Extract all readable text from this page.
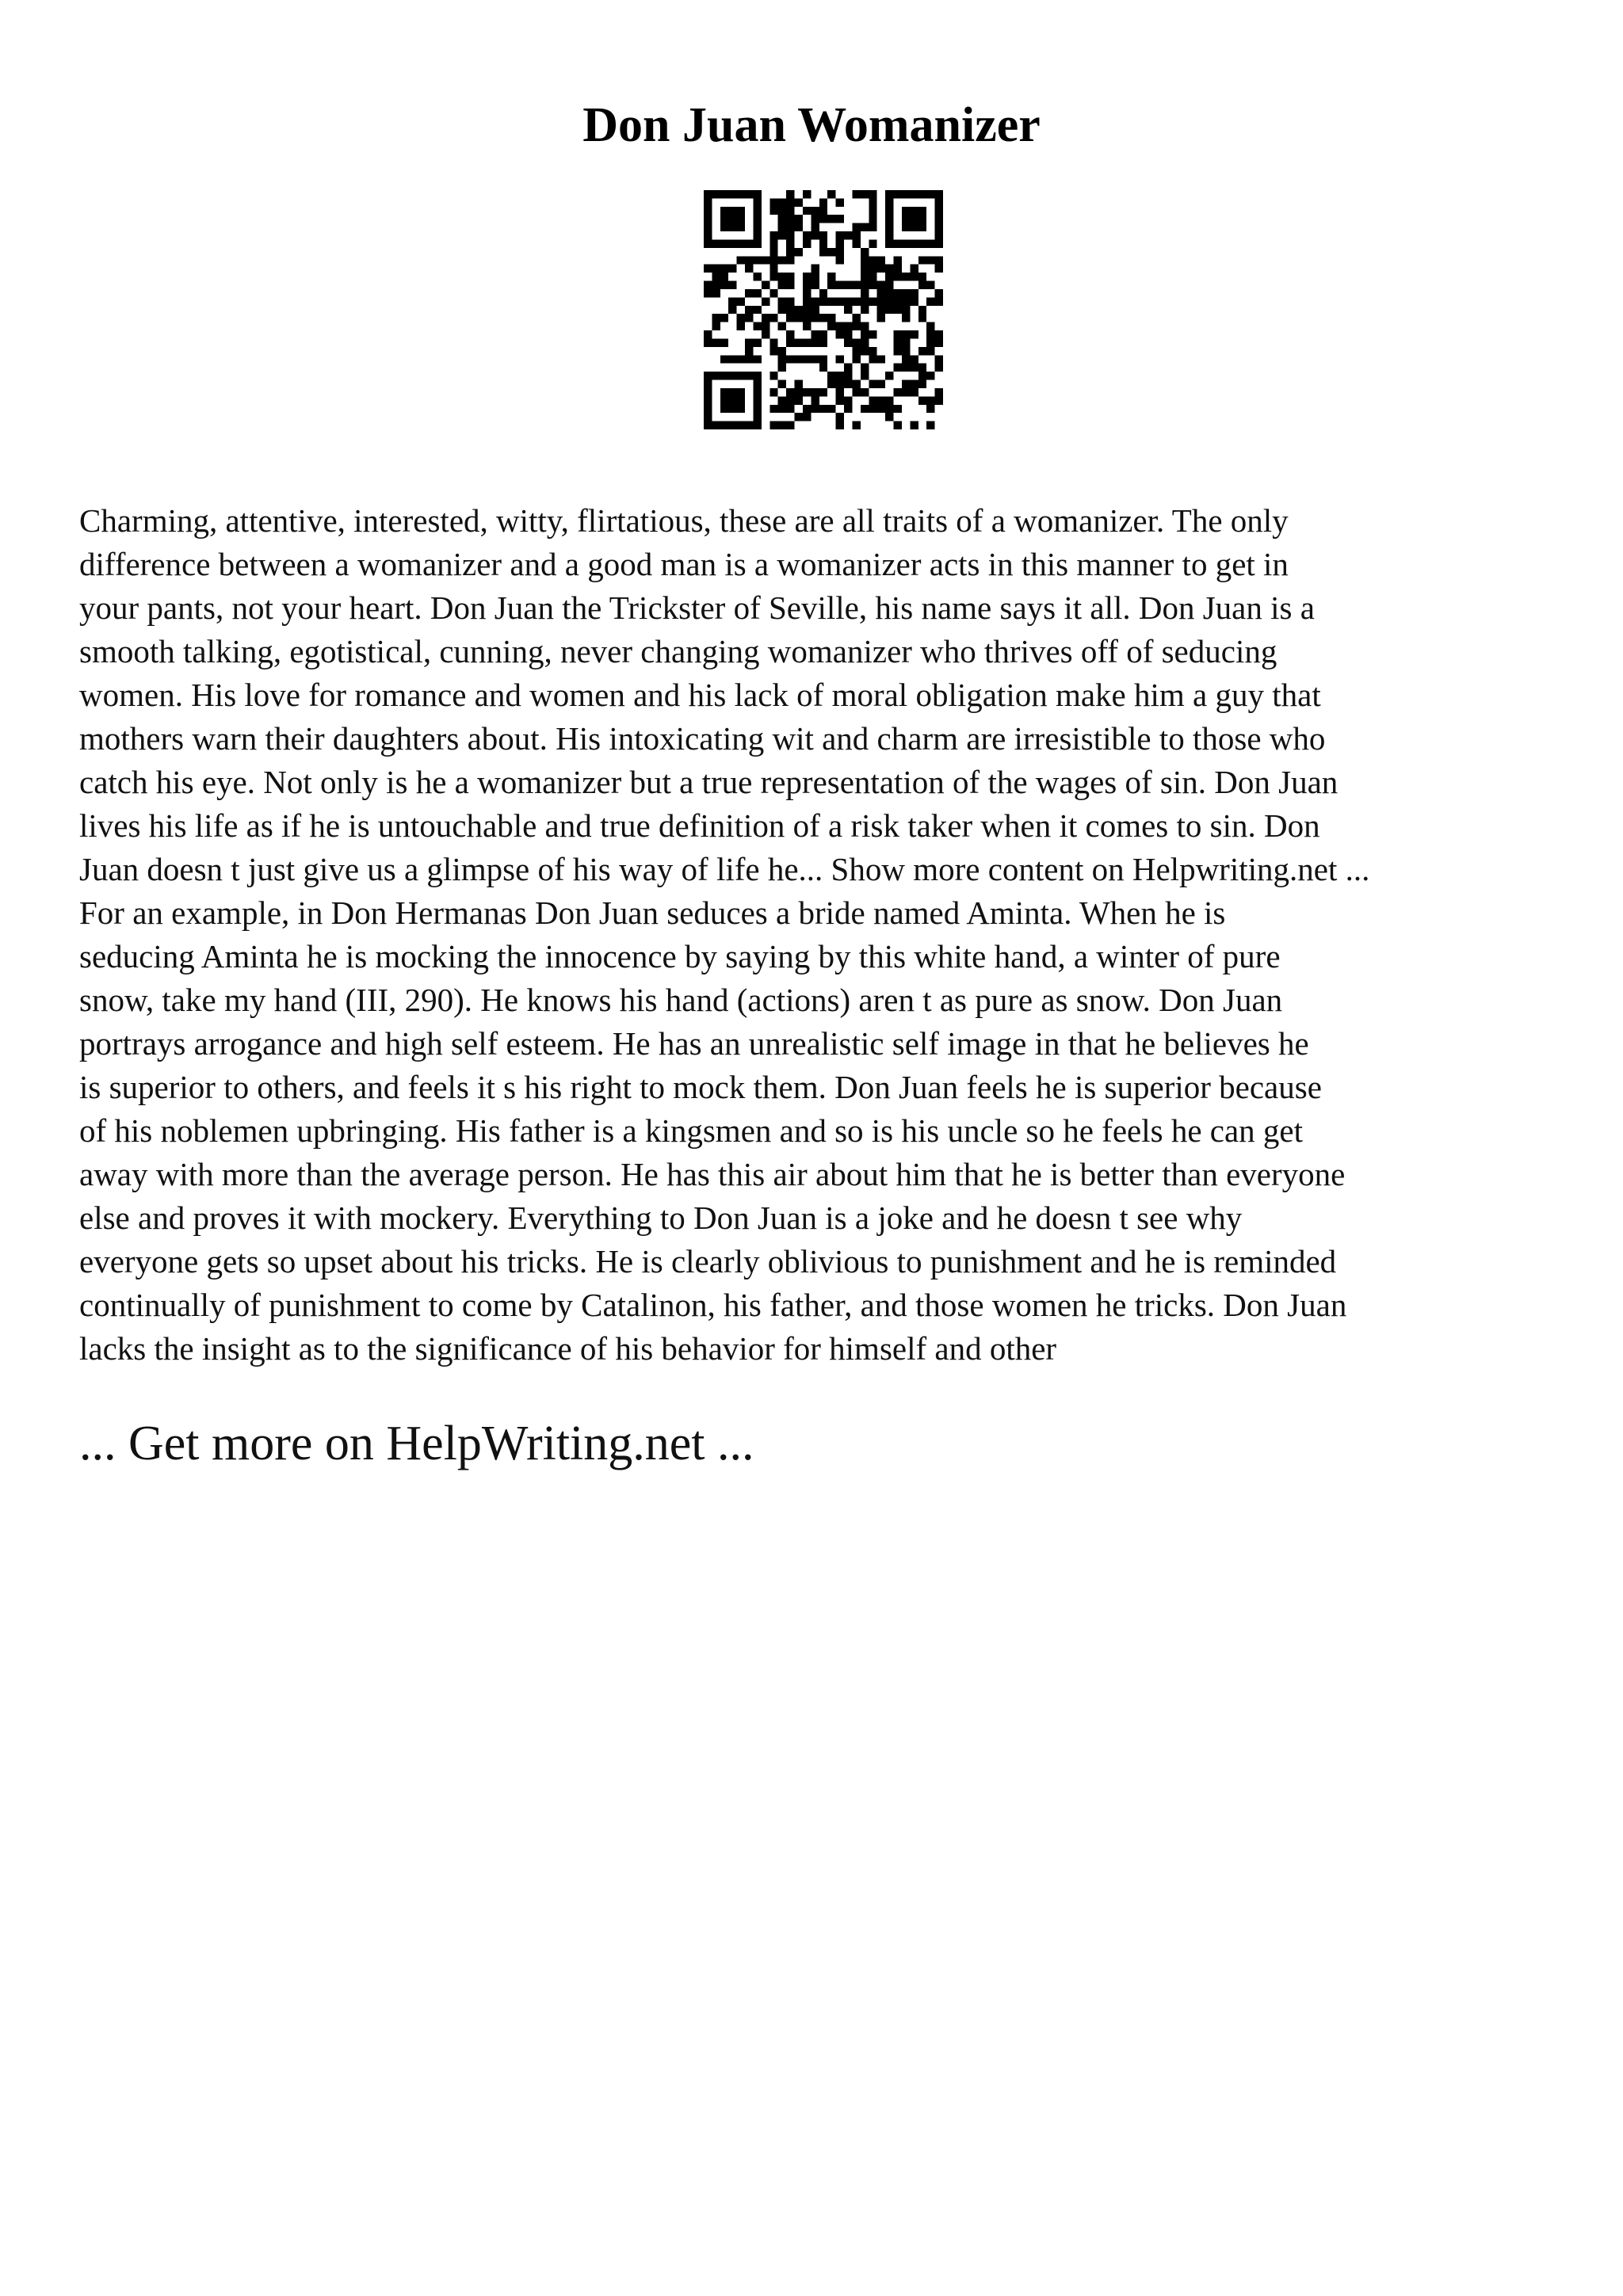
Don Juan Womanizer
Charming, attentive, interested, witty, flirtatious, these are all traits of a womanizer. The only
difference between a womanizer and a good man is a womanizer acts in this manner to get in
your pants, not your heart. Don Juan the Trickster of Seville, his name says it all. Don Juan is a
smooth talking, egotistical, cunning, never changing womanizer who thrives off of seducing
women. His love for romance and women and his lack of moral obligation make him a guy that
mothers warn their daughters about. His intoxicating wit and charm are irresistible to those who
catch his eye. Not only is he a womanizer but a true representation of the wages of sin. Don Juan
lives his life as if he is untouchable and true definition of a risk taker when it comes to sin. Don
Juan doesn t just give us a glimpse of his way of life he... Show more content on Helpwriting.net ...
For an example, in Don Hermanas Don Juan seduces a bride named Aminta. When he is
seducing Aminta he is mocking the innocence by saying by this white hand, a winter of pure
snow, take my hand (III, 290). He knows his hand (actions) aren t as pure as snow. Don Juan
portrays arrogance and high self esteem. He has an unrealistic self image in that he believes he
is superior to others, and feels it s his right to mock them. Don Juan feels he is superior because
of his noblemen upbringing. His father is a kingsmen and so is his uncle so he feels he can get
away with more than the average person. He has this air about him that he is better than everyone
else and proves it with mockery. Everything to Don Juan is a joke and he doesn t see why
everyone gets so upset about his tricks. He is clearly oblivious to punishment and he is reminded
continually of punishment to come by Catalinon, his father, and those women he tricks. Don Juan
lacks the insight as to the significance of his behavior for himself and other
... Get more on HelpWriting.net ...
